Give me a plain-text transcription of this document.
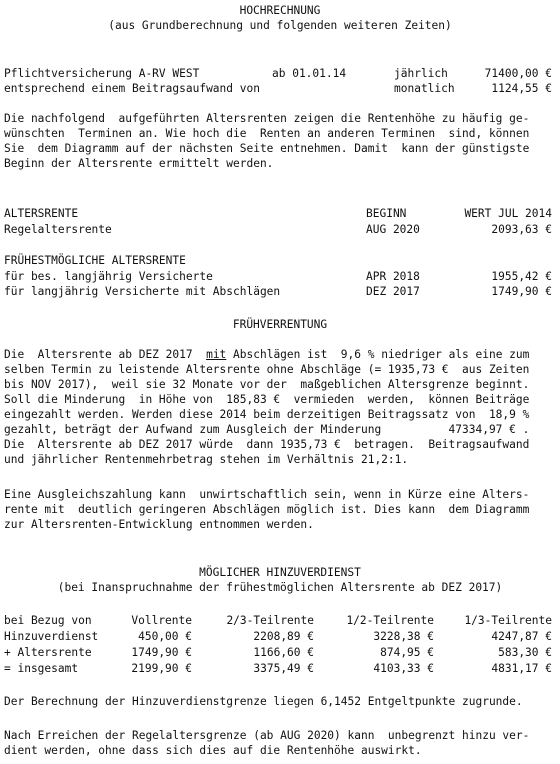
HOCHRECHNUNG
(aus Grundberechnung und folgenden weiteren Zeiten)
Pflichtversicherung A-RV WEST	ab 01.01.14	jährlich	71400,00 €
entsprechend einem Beitragsaufwand von	monatlich	1124,55 €
Die nachfolgend  aufgeführten Altersrenten zeigen die Rentenhöhe zu häufig ge-
wünschten  Terminen an. Wie hoch die  Renten an anderen Terminen  sind, können
Sie  dem Diagramm auf der nächsten Seite entnehmen. Damit  kann der günstigste
Beginn der Altersrente ermittelt werden.
ALTERSRENTE	BEGINN	WERT JUL 2014
Regelaltersrente	AUG 2020	2093,63 €
FRÜHESTMÖGLICHE ALTERSRENTE
für bes. langjährig Versicherte	APR 2018	1955,42 €
für langjährig Versicherte mit Abschlägen	DEZ 2017	1749,90 €
FRÜHVERRENTUNG
Die  Altersrente ab DEZ 2017  mit Abschlägen ist  9,6 % niedriger als eine zum
selben Termin zu leistende Altersrente ohne Abschläge (= 1935,73 €  aus Zeiten
bis NOV 2017),  weil sie 32 Monate vor der  maßgeblichen Altersgrenze beginnt.
Soll die Minderung  in Höhe von  185,83 €  vermieden  werden,  können Beiträge
eingezahlt werden. Werden diese 2014 beim derzeitigen Beitragssatz von  18,9 %
gezahlt, beträgt der Aufwand zum Ausgleich der Minderung          47334,97 € .
Die  Altersrente ab DEZ 2017 würde  dann 1935,73 €  betragen.  Beitragsaufwand
und jährlicher Rentenmehrbetrag stehen im Verhältnis 21,2:1.
Eine Ausgleichszahlung kann  unwirtschaftlich sein, wenn in Kürze eine Alters-
rente mit  deutlich geringeren Abschlägen möglich ist. Dies kann  dem Diagramm
zur Altersrenten-Entwicklung entnommen werden.
MÖGLICHER HINZUVERDIENST
(bei Inanspruchnahme der frühestmöglichen Altersrente ab DEZ 2017)
bei Bezug von	Vollrente	2/3-Teilrente	1/2-Teilrente	1/3-Teilrente
Hinzuverdienst	450,00 €	2208,89 €	3228,38 €	4247,87 €
+ Altersrente	1749,90 €	1166,60 €	874,95 €	583,30 €
= insgesamt	2199,90 €	3375,49 €	4103,33 €	4831,17 €
Der Berechnung der Hinzuverdienstgrenze liegen 6,1452 Entgeltpunkte zugrunde.
Nach Erreichen der Regelaltersgrenze (ab AUG 2020) kann  unbegrenzt hinzu ver-
dient werden, ohne dass sich dies auf die Rentenhöhe auswirkt.
